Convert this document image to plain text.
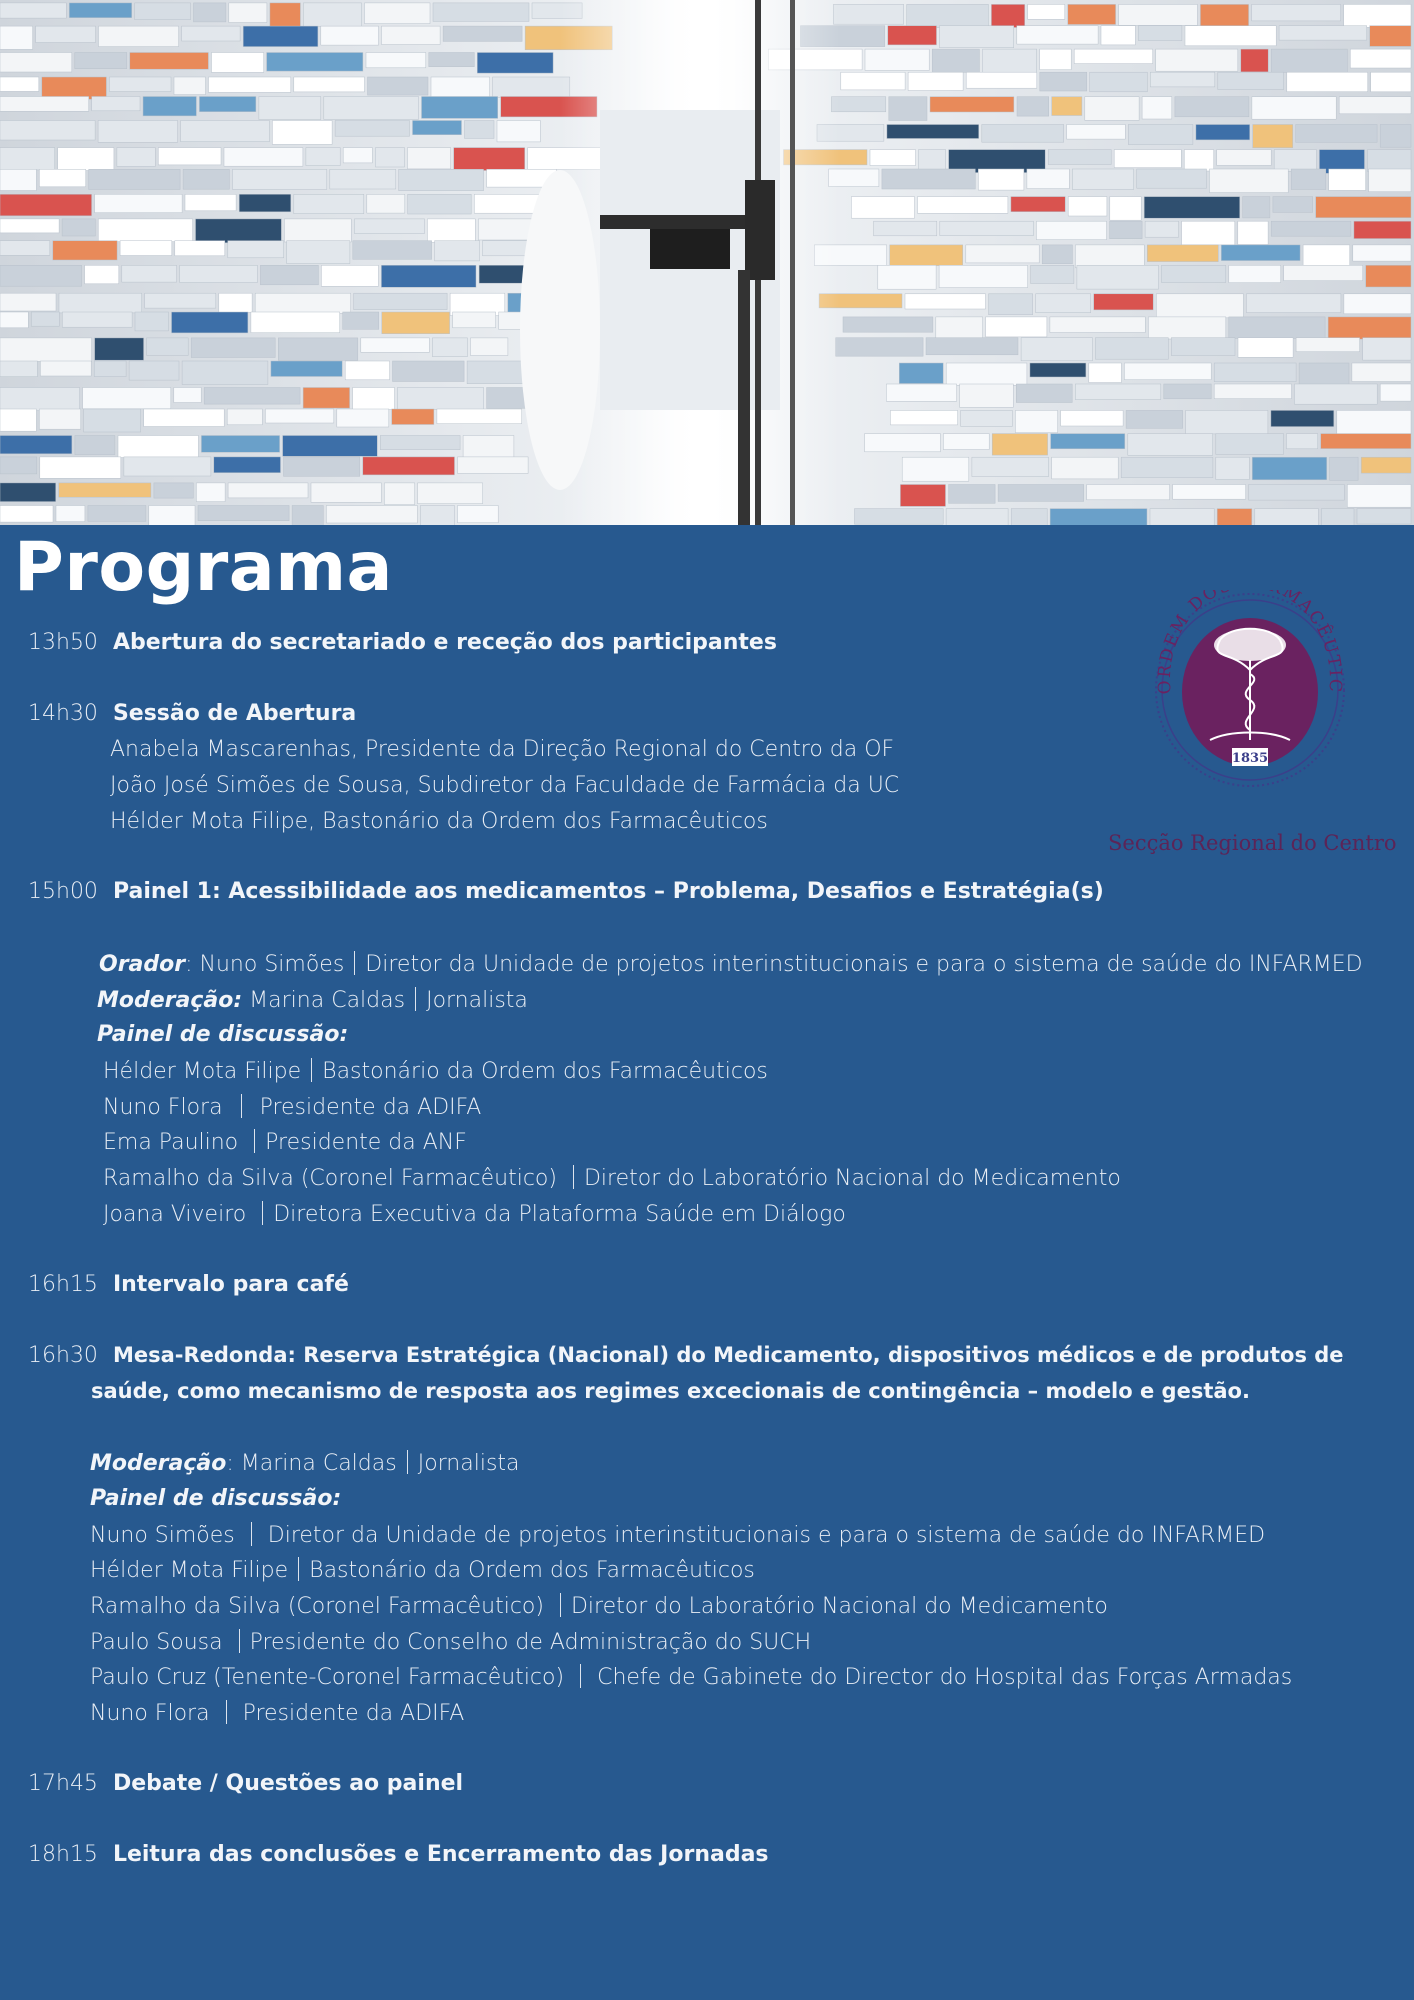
Programa
ORDEM DO MACÊUTIC
1835
Secção Regional do Centro
13h50 Abertura do secretariado e receção dos participantes
14h30 Sessão de Abertura
Anabela Mascarenhas, Presidente da Direção Regional do Centro da OF
João José Simões de Sousa, Subdiretor da Faculdade de Farmácia da UC
Hélder Mota Filipe, Bastonário da Ordem dos Farmacêuticos
15h00 Painel 1: Acessibilidade aos medicamentos – Problema, Desafios e Estratégia(s)
Orador: Nuno Simões Diretor da Unidade de projetos interinstitucionais e para o sistema de saúde do INFARMED
Moderação: Marina Caldas Jornalista
Painel de discussão:
Hélder Mota Filipe Bastonário da Ordem dos Farmacêuticos
Nuno Flora Presidente da ADIFA
Ema Paulino Presidente da ANF
Ramalho da Silva (Coronel Farmacêutico) Diretor do Laboratório Nacional do Medicamento
Joana Viveiro Diretora Executiva da Plataforma Saúde em Diálogo
16h15 Intervalo para café
16h30 Mesa-Redonda: Reserva Estratégica (Nacional) do Medicamento, dispositivos médicos e de produtos de
saúde, como mecanismo de resposta aos regimes excecionais de contingência – modelo e gestão.
Moderação: Marina Caldas Jornalista
Painel de discussão:
Nuno Simões Diretor da Unidade de projetos interinstitucionais e para o sistema de saúde do INFARMED
Hélder Mota Filipe Bastonário da Ordem dos Farmacêuticos
Ramalho da Silva (Coronel Farmacêutico) Diretor do Laboratório Nacional do Medicamento
Paulo Sousa Presidente do Conselho de Administração do SUCH
Paulo Cruz (Tenente-Coronel Farmacêutico) Chefe de Gabinete do Director do Hospital das Forças Armadas
Nuno Flora Presidente da ADIFA
17h45 Debate / Questões ao painel
18h15 Leitura das conclusões e Encerramento das Jornadas
